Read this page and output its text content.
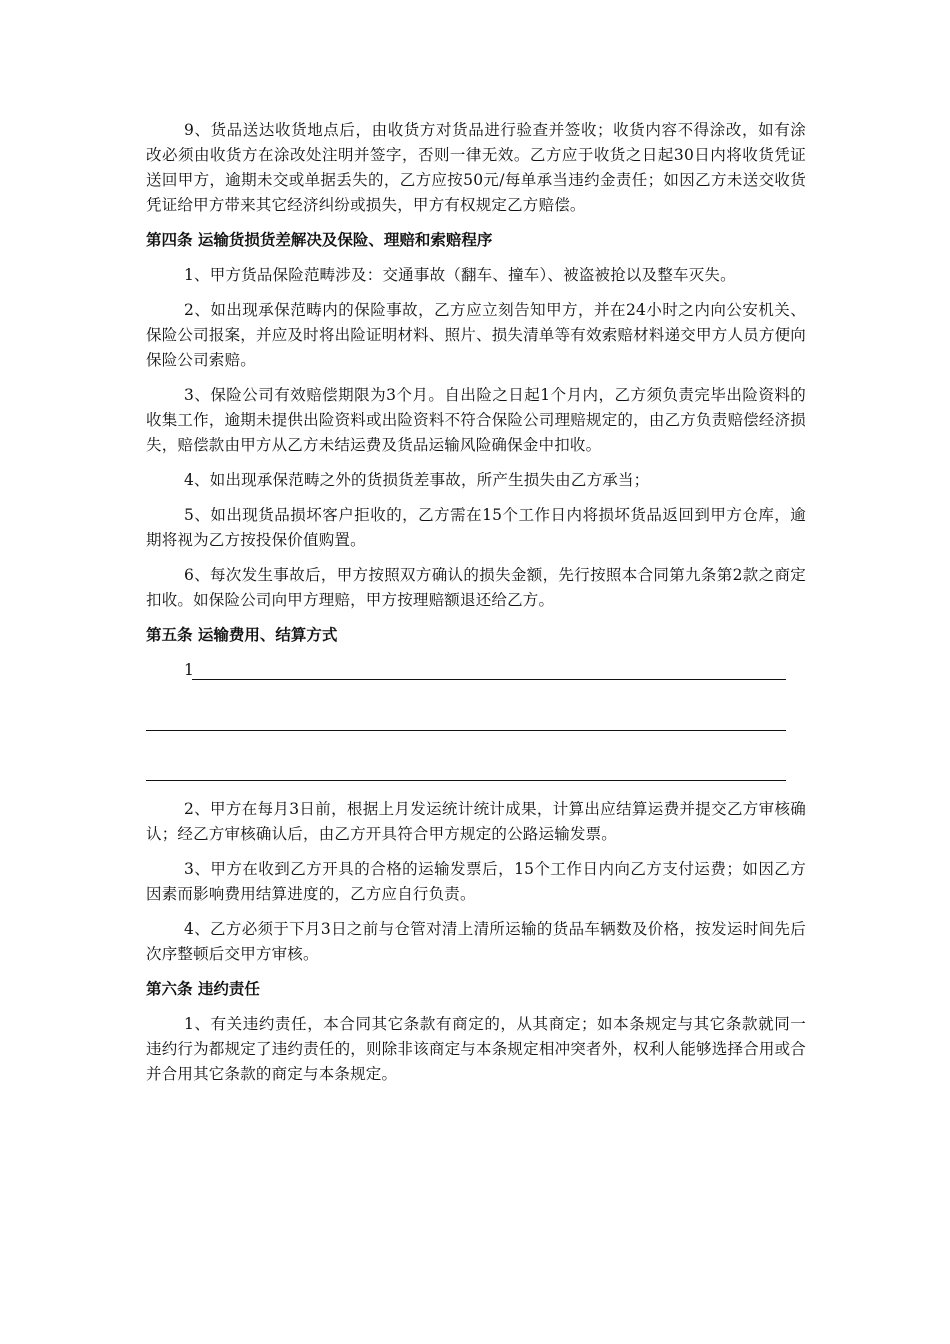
9、货品送达收货地点后，由收货方对货品进行验查并签收；收货内容不得涂改，如有涂改必须由收货方在涂改处注明并签字，否则一律无效。乙方应于收货之日起30日内将收货凭证送回甲方，逾期未交或单据丢失的，乙方应按50元/每单承当违约金责任；如因乙方未送交收货凭证给甲方带来其它经济纠纷或损失，甲方有权规定乙方赔偿。

第四条 运输货损货差解决及保险、理赔和索赔程序

1、甲方货品保险范畴涉及：交通事故（翻车、撞车）、被盗被抢以及整车灭失。

2、如出现承保范畴内的保险事故，乙方应立刻告知甲方，并在24小时之内向公安机关、保险公司报案，并应及时将出险证明材料、照片、损失清单等有效索赔材料递交甲方人员方便向保险公司索赔。

3、保险公司有效赔偿期限为3个月。自出险之日起1个月内，乙方须负责完毕出险资料的收集工作，逾期未提供出险资料或出险资料不符合保险公司理赔规定的，由乙方负责赔偿经济损失，赔偿款由甲方从乙方未结运费及货品运输风险确保金中扣收。

4、如出现承保范畴之外的货损货差事故，所产生损失由乙方承当；

5、如出现货品损坏客户拒收的，乙方需在15个工作日内将损坏货品返回到甲方仓库，逾期将视为乙方按投保价值购置。

6、每次发生事故后，甲方按照双方确认的损失金额，先行按照本合同第九条第2款之商定扣收。如保险公司向甲方理赔，甲方按理赔额退还给乙方。

第五条 运输费用、结算方式
1

2、甲方在每月3日前，根据上月发运统计统计成果，计算出应结算运费并提交乙方审核确认；经乙方审核确认后，由乙方开具符合甲方规定的公路运输发票。

3、甲方在收到乙方开具的合格的运输发票后，15个工作日内向乙方支付运费；如因乙方因素而影响费用结算进度的，乙方应自行负责。

4、乙方必须于下月3日之前与仓管对清上清所运输的货品车辆数及价格，按发运时间先后次序整顿后交甲方审核。

第六条 违约责任

1、有关违约责任，本合同其它条款有商定的，从其商定；如本条规定与其它条款就同一违约行为都规定了违约责任的，则除非该商定与本条规定相冲突者外，权利人能够选择合用或合并合用其它条款的商定与本条规定。
